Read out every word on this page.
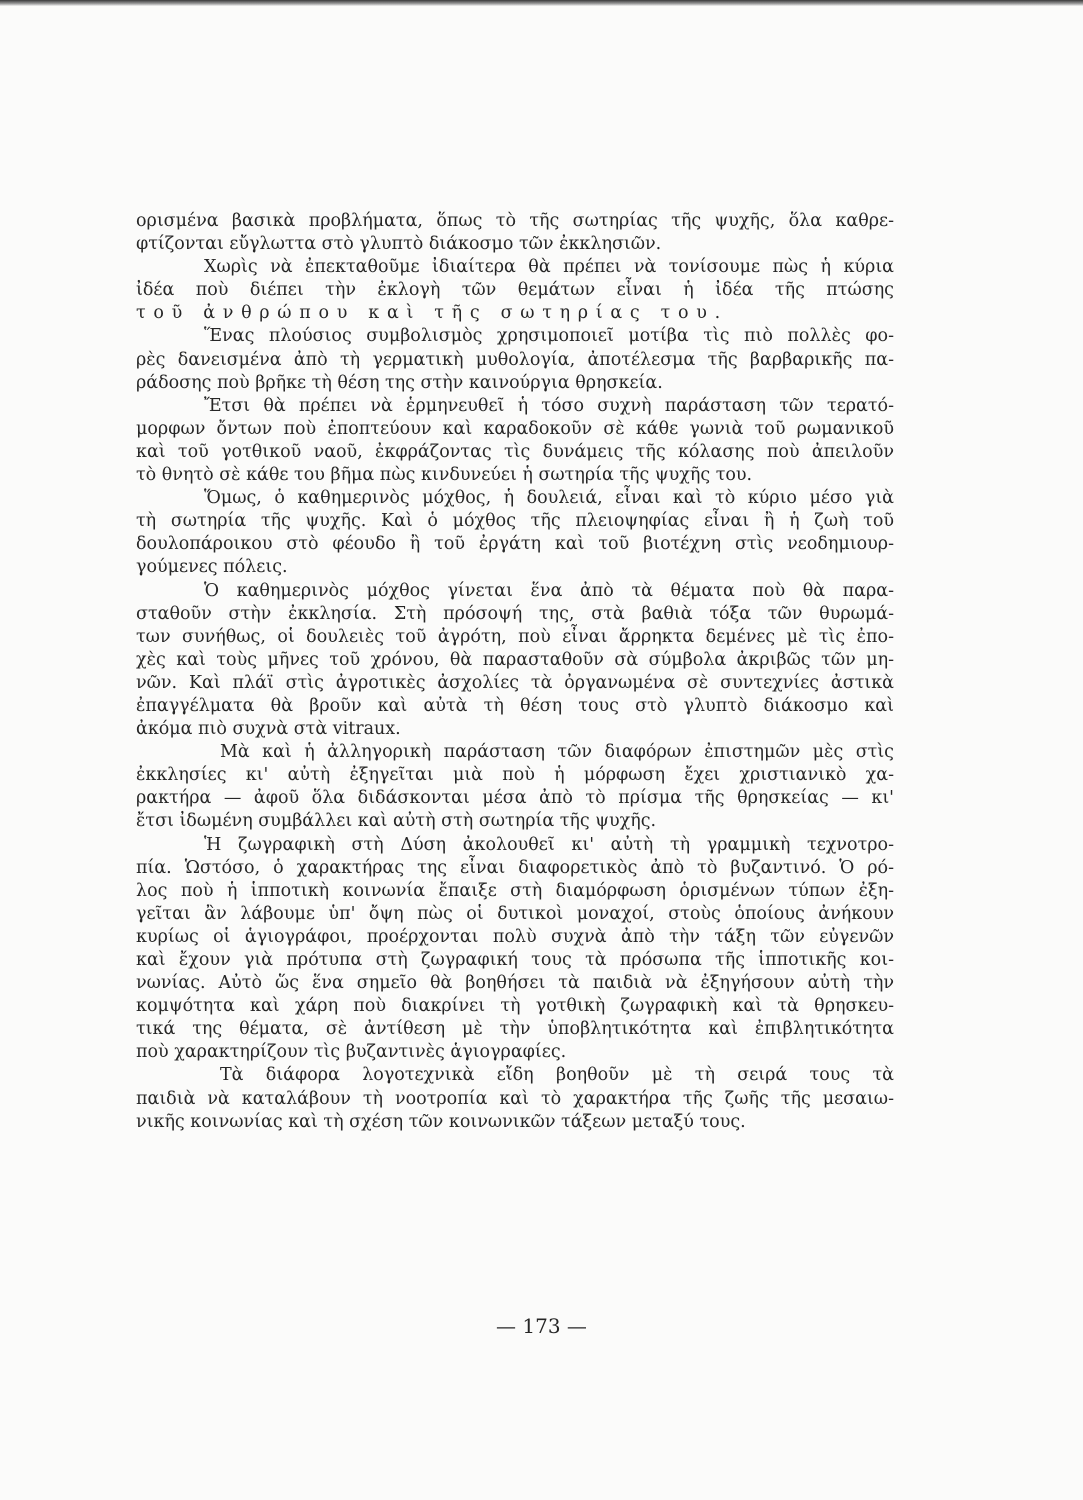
ορισμένα βασικὰ προβλήματα, ὅπως τὸ τῆς σωτηρίας τῆς ψυχῆς, ὅλα καθρε-
φτίζονται εὔγλωττα στὸ γλυπτὸ διάκοσμο τῶν ἐκκλησιῶν.
Χωρὶς νὰ ἐπεκταθοῦμε ἰδιαίτερα θὰ πρέπει νὰ τονίσουμε πὼς ἡ κύρια
ἰδέα ποὺ διέπει τὴν ἐκλογὴ τῶν θεμάτων εἶναι ἡ ἰδέα τῆς πτώσης
τοῦ ἀνθρώπου καὶ τῆς σωτηρίας του.
Ἕνας πλούσιος συμβολισμὸς χρησιμοποιεῖ μοτίβα τὶς πιὸ πολλὲς φο-
ρὲς δανεισμένα ἀπὸ τὴ γερματικὴ μυθολογία, ἀποτέλεσμα τῆς βαρβαρικῆς πα-
ράδοσης ποὺ βρῆκε τὴ θέση της στὴν καινούργια θρησκεία.
Ἔτσι θὰ πρέπει νὰ ἑρμηνευθεῖ ἡ τόσο συχνὴ παράσταση τῶν τερατό-
μορφων ὄντων ποὺ ἐποπτεύουν καὶ καραδοκοῦν σὲ κάθε γωνιὰ τοῦ ρωμανικοῦ
καὶ τοῦ γοτθικοῦ ναοῦ, ἐκφράζοντας τὶς δυνάμεις τῆς κόλασης ποὺ ἀπειλοῦν
τὸ θνητὸ σὲ κάθε του βῆμα πὼς κινδυνεύει ἡ σωτηρία τῆς ψυχῆς του.
Ὅμως, ὁ καθημερινὸς μόχθος, ἡ δουλειά, εἶναι καὶ τὸ κύριο μέσο γιὰ
τὴ σωτηρία τῆς ψυχῆς. Καὶ ὁ μόχθος τῆς πλειοψηφίας εἶναι ἢ ἡ ζωὴ τοῦ
δουλοπάροικου στὸ φέουδο ἢ τοῦ ἐργάτη καὶ τοῦ βιοτέχνη στὶς νεοδημιουρ-
γούμενες πόλεις.
Ὁ καθημερινὸς μόχθος γίνεται ἕνα ἀπὸ τὰ θέματα ποὺ θὰ παρα-
σταθοῦν στὴν ἐκκλησία. Στὴ πρόσοψή της, στὰ βαθιὰ τόξα τῶν θυρωμά-
των συνήθως, οἱ δουλειὲς τοῦ ἀγρότη, ποὺ εἶναι ἄρρηκτα δεμένες μὲ τὶς ἐπο-
χὲς καὶ τοὺς μῆνες τοῦ χρόνου, θὰ παρασταθοῦν σὰ σύμβολα ἀκριβῶς τῶν μη-
νῶν. Καὶ πλάϊ στὶς ἀγροτικὲς ἀσχολίες τὰ ὀργανωμένα σὲ συντεχνίες ἀστικὰ
ἐπαγγέλματα θὰ βροῦν καὶ αὐτὰ τὴ θέση τους στὸ γλυπτὸ διάκοσμο καὶ
ἀκόμα πιὸ συχνὰ στὰ vitraux.
Μὰ καὶ ἡ ἀλληγορικὴ παράσταση τῶν διαφόρων ἐπιστημῶν μὲς στὶς
ἐκκλησίες κι' αὐτὴ ἐξηγεῖται μιὰ ποὺ ἡ μόρφωση ἔχει χριστιανικὸ χα-
ρακτήρα — ἀφοῦ ὅλα διδάσκονται μέσα ἀπὸ τὸ πρίσμα τῆς θρησκείας — κι'
ἔτσι ἰδωμένη συμβάλλει καὶ αὐτὴ στὴ σωτηρία τῆς ψυχῆς.
Ἡ ζωγραφικὴ στὴ Δύση ἀκολουθεῖ κι' αὐτὴ τὴ γραμμικὴ τεχνοτρο-
πία. Ὡστόσο, ὁ χαρακτήρας της εἶναι διαφορετικὸς ἀπὸ τὸ βυζαντινό. Ὁ ρό-
λος ποὺ ἡ ἱπποτικὴ κοινωνία ἔπαιξε στὴ διαμόρφωση ὁρισμένων τύπων ἐξη-
γεῖται ἂν λάβουμε ὑπ' ὄψη πὼς οἱ δυτικοὶ μοναχοί, στοὺς ὁποίους ἀνήκουν
κυρίως οἱ ἁγιογράφοι, προέρχονται πολὺ συχνὰ ἀπὸ τὴν τάξη τῶν εὐγενῶν
καὶ ἔχουν γιὰ πρότυπα στὴ ζωγραφική τους τὰ πρόσωπα τῆς ἱπποτικῆς κοι-
νωνίας. Αὐτὸ ὥς ἕνα σημεῖο θὰ βοηθήσει τὰ παιδιὰ νὰ ἐξηγήσουν αὐτὴ τὴν
κομψότητα καὶ χάρη ποὺ διακρίνει τὴ γοτθικὴ ζωγραφικὴ καὶ τὰ θρησκευ-
τικά της θέματα, σὲ ἀντίθεση μὲ τὴν ὑποβλητικότητα καὶ ἐπιβλητικότητα
ποὺ χαρακτηρίζουν τὶς βυζαντινὲς ἁγιογραφίες.
Τὰ διάφορα λογοτεχνικὰ εἴδη βοηθοῦν μὲ τὴ σειρά τους τὰ
παιδιὰ νὰ καταλάβουν τὴ νοοτροπία καὶ τὸ χαρακτήρα τῆς ζωῆς τῆς μεσαιω-
νικῆς κοινωνίας καὶ τὴ σχέση τῶν κοινωνικῶν τάξεων μεταξύ τους.
— 173 —
